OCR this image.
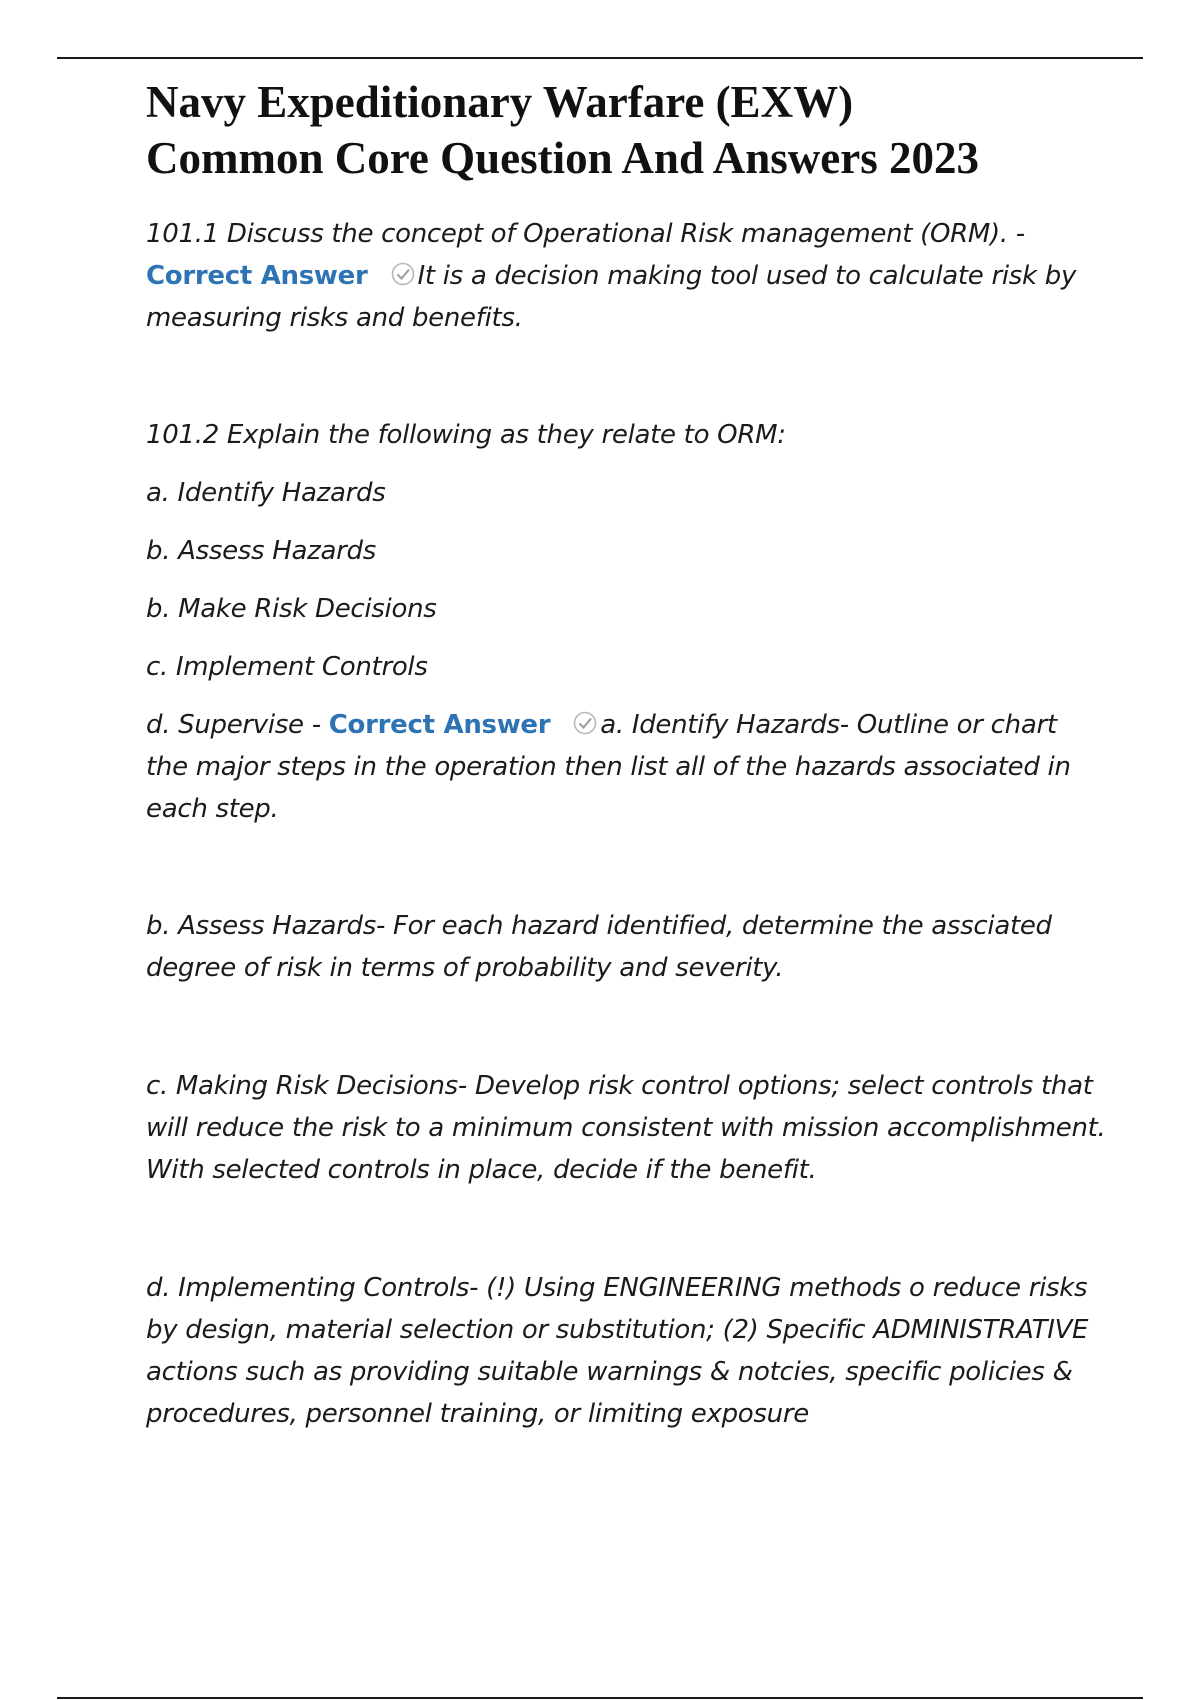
Navy Expeditionary Warfare (EXW)
Common Core Question And Answers 2023

101.1 Discuss the concept of Operational Risk management (ORM). -
Correct Answer It is a decision making tool used to calculate risk by measuring risks and benefits.

101.2 Explain the following as they relate to ORM:

a. Identify Hazards

b. Assess Hazards

b. Make Risk Decisions

c. Implement Controls

d. Supervise - Correct Answer a. Identify Hazards- Outline or chart the major steps in the operation then list all of the hazards associated in each step.

b. Assess Hazards- For each hazard identified, determine the assciated degree of risk in terms of probability and severity.

c. Making Risk Decisions- Develop risk control options; select controls that will reduce the risk to a minimum consistent with mission accomplishment. With selected controls in place, decide if the benefit.

d. Implementing Controls- (!) Using ENGINEERING methods o reduce risks by design, material selection or substitution; (2) Specific ADMINISTRATIVE actions such as providing suitable warnings & notcies, specific policies & procedures, personnel training, or limiting exposure
